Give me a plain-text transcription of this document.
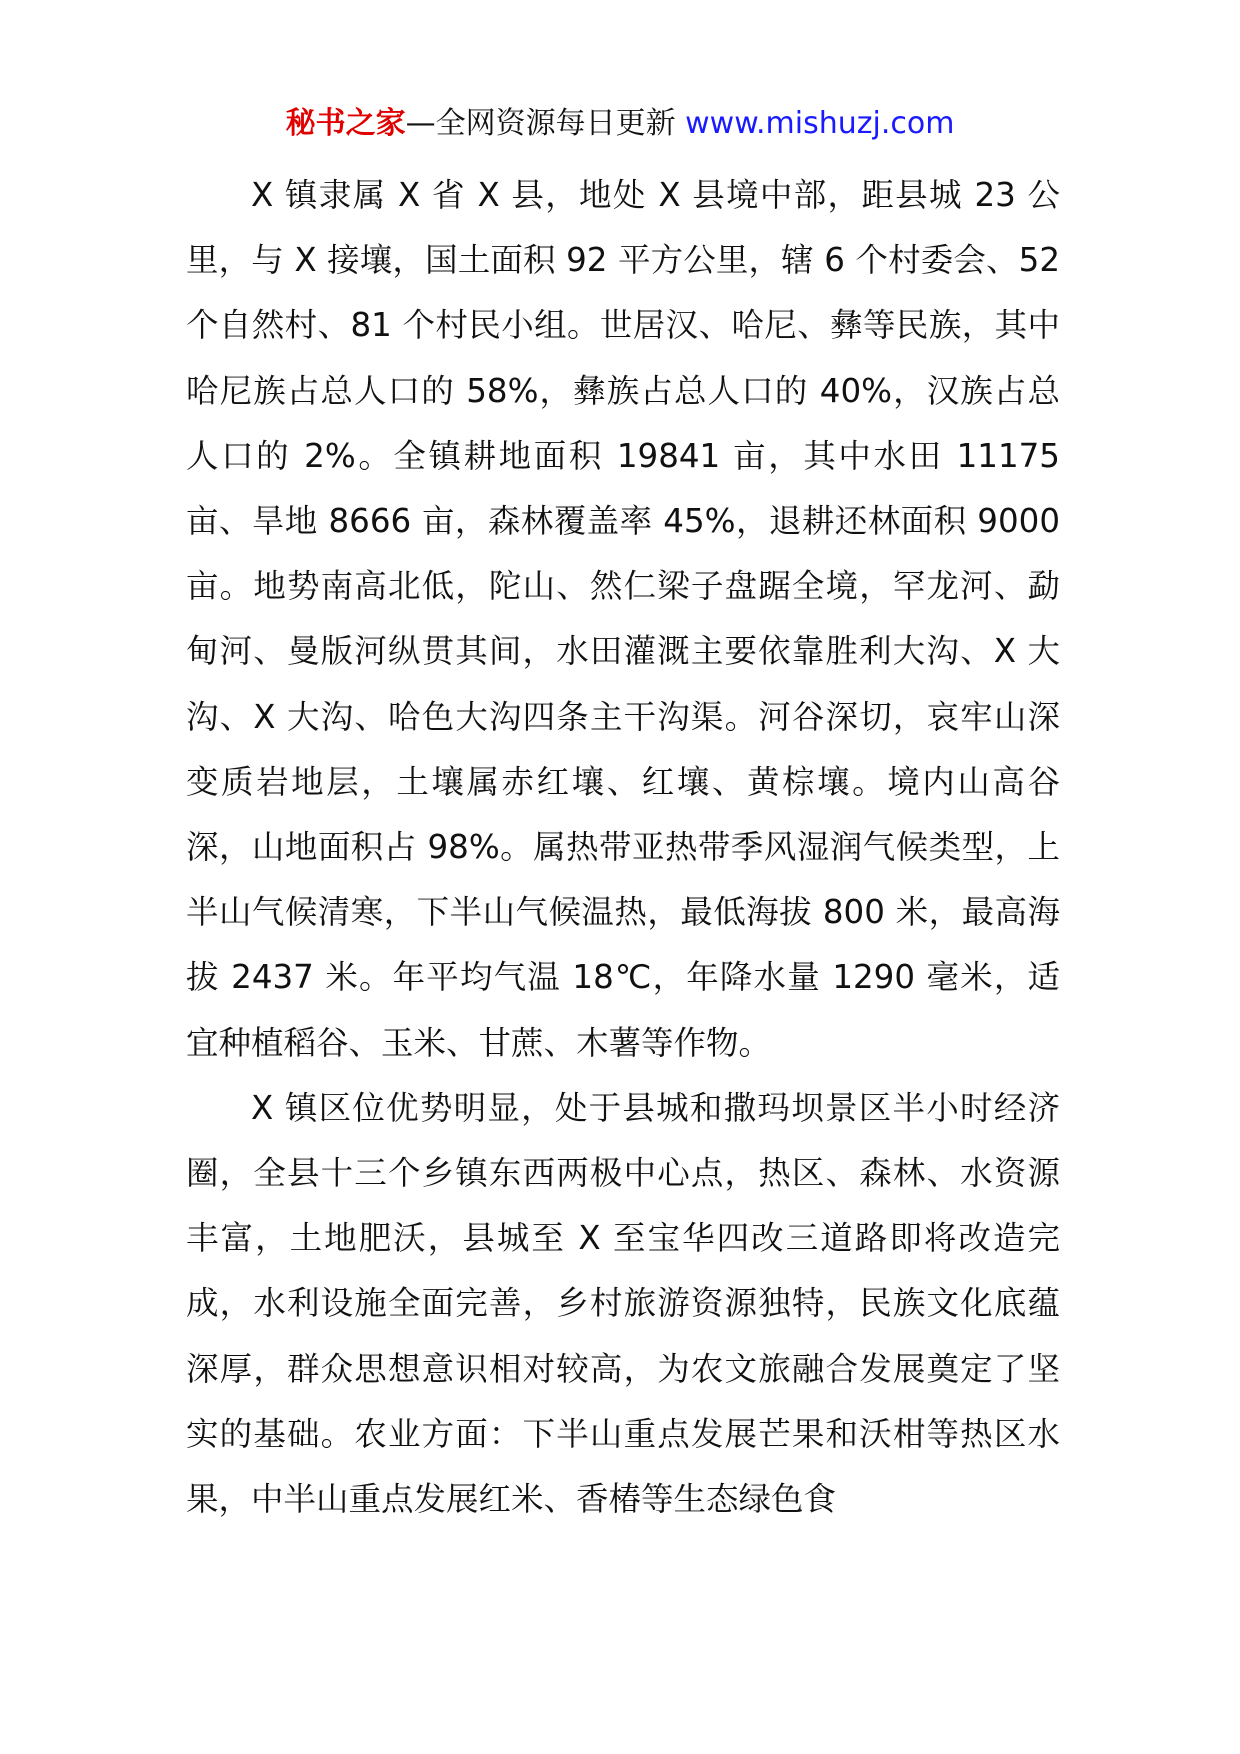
秘书之家—全网资源每日更新 www.mishuzj.com

X 镇隶属 X 省 X 县，地处 X 县境中部，距县城 23 公里，与 X 接壤，国土面积 92 平方公里，辖 6 个村委会、52 个自然村、81 个村民小组。世居汉、哈尼、彝等民族，其中哈尼族占总人口的 58%，彝族占总人口的 40%，汉族占总人口的 2%。全镇耕地面积 19841 亩，其中水田 11175 亩、旱地 8666 亩，森林覆盖率 45%，退耕还林面积 9000 亩。地势南高北低，陀山、然仁梁子盘踞全境，罕龙河、勐甸河、曼版河纵贯其间，水田灌溉主要依靠胜利大沟、X 大沟、X 大沟、哈色大沟四条主干沟渠。河谷深切，哀牢山深变质岩地层，土壤属赤红壤、红壤、黄棕壤。境内山高谷深，山地面积占 98%。属热带亚热带季风湿润气候类型，上半山气候清寒，下半山气候温热，最低海拔 800 米，最高海拔 2437 米。年平均气温 18℃，年降水量 1290 毫米，适宜种植稻谷、玉米、甘蔗、木薯等作物。

X 镇区位优势明显，处于县城和撒玛坝景区半小时经济圈，全县十三个乡镇东西两极中心点，热区、森林、水资源丰富，土地肥沃，县城至 X 至宝华四改三道路即将改造完成，水利设施全面完善，乡村旅游资源独特，民族文化底蕴深厚，群众思想意识相对较高，为农文旅融合发展奠定了坚实的基础。农业方面：下半山重点发展芒果和沃柑等热区水果，中半山重点发展红米、香椿等生态绿色食
